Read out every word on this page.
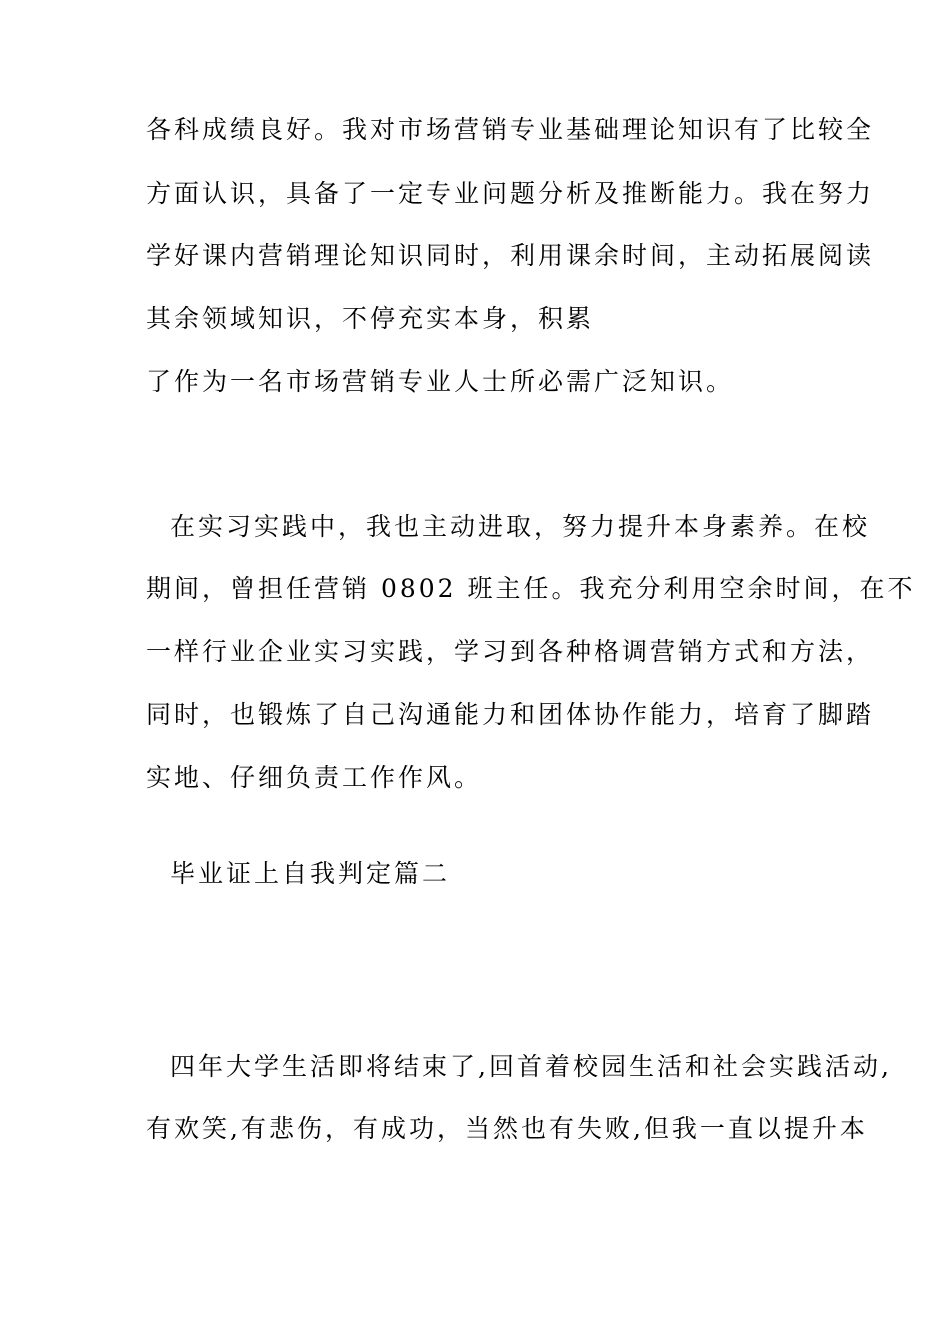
各科成绩良好。我对市场营销专业基础理论知识有了比较全
方面认识，具备了一定专业问题分析及推断能力。我在努力
学好课内营销理论知识同时，利用课余时间，主动拓展阅读
其余领域知识，不停充实本身，积累
了作为一名市场营销专业人士所必需广泛知识。
在实习实践中，我也主动进取，努力提升本身素养。在校
期间，曾担任营销 0802 班主任。我充分利用空余时间，在不
一样行业企业实习实践，学习到各种格调营销方式和方法，
同时，也锻炼了自己沟通能力和团体协作能力，培育了脚踏
实地、仔细负责工作作风。
毕业证上自我判定篇二
四年大学生活即将结束了,回首着校园生活和社会实践活动,
有欢笑,有悲伤，有成功，当然也有失败,但我一直以提升本
